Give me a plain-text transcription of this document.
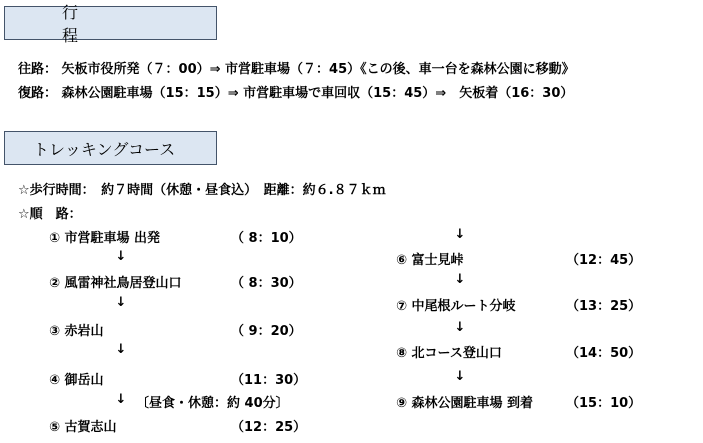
行　程
往路： 矢板市役所発（７：00）⇒ 市営駐車場（７：45）《この後、車一台を森林公園に移動》
復路： 森林公園駐車場（15：15）⇒ 市営駐車場で車回収（15：45）⇒　矢板着（16：30）
トレッキングコース
☆歩行時間：　約７時間（休憩・昼食込）　距離：約６.８７ｋｍ
☆順　路：
① 市営駐車場 出発	（ 8：10）
↓
② 風雷神社鳥居登山口	（ 8：30）
↓
③ 赤岩山	（ 9：20）
↓
④ 御岳山	（11：30）
↓ 〔昼食・休憩：約 40分〕
⑤ 古賀志山	（12：25）
↓
⑥ 富士見峠	（12：45）
↓
⑦ 中尾根ルート分岐	（13：25）
↓
⑧ 北コース登山口	（14：50）
↓
⑨ 森林公園駐車場 到着	（15：10）
